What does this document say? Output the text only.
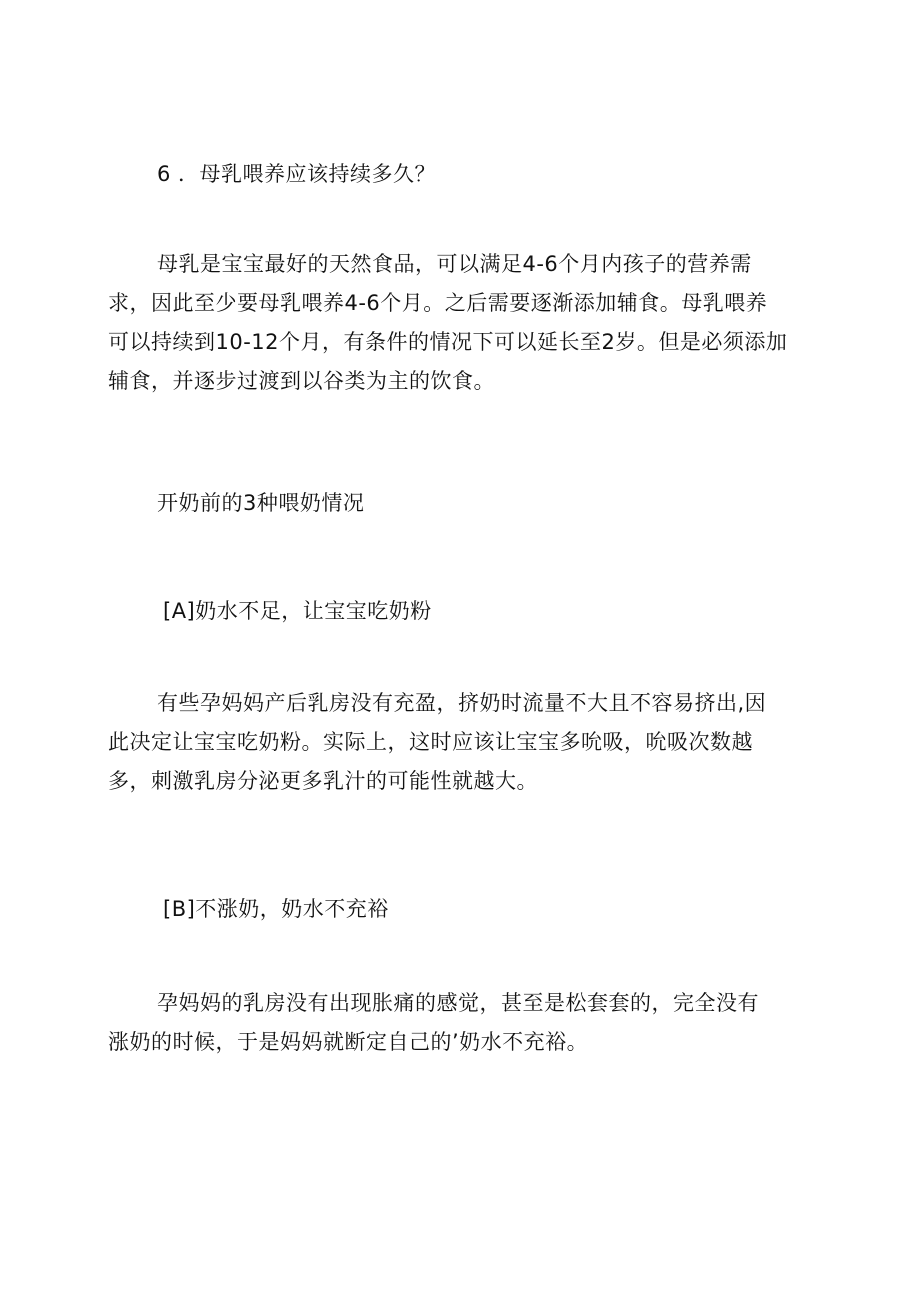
6 ．母乳喂养应该持续多久？

母乳是宝宝最好的天然食品，可以满足4-6个月内孩子的营养需
求，因此至少要母乳喂养4-6个月。之后需要逐渐添加辅食。母乳喂养
可以持续到10-12个月，有条件的情况下可以延长至2岁。但是必须添加
辅食，并逐步过渡到以谷类为主的饮食。

开奶前的3种喂奶情况

[A]奶水不足，让宝宝吃奶粉

有些孕妈妈产后乳房没有充盈，挤奶时流量不大且不容易挤出,因
此决定让宝宝吃奶粉。实际上，这时应该让宝宝多吮吸，吮吸次数越
多，刺激乳房分泌更多乳汁的可能性就越大。

[B]不涨奶，奶水不充裕

孕妈妈的乳房没有出现胀痛的感觉，甚至是松套套的，完全没有
涨奶的时候，于是妈妈就断定自己的’奶水不充裕。
